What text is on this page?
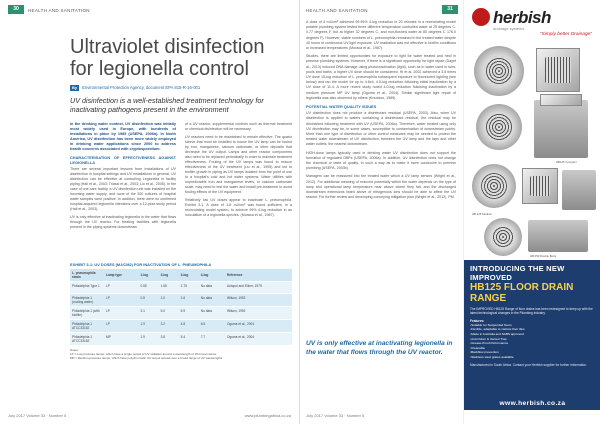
30	HEALTH AND SANITATION
Ultraviolet disinfection for legionella control
By	Environmental Protection Agency, document EPA 815-R-16-001
UV disinfection is a well-established treatment technology for inactivating pathogens present in the environment

In the drinking water context, UV disinfection was initially most widely used in Europe, with hundreds of installations in place by 1985 (USEPA, 2006a). In North America, UV disinfection has been more widely employed in drinking water applications since 2000 to address health concerns associated with cryptosporidium.

CHARACTERISATION OF EFFECTIVENESS AGAINST LEGIONELLA

There are several important lessons from installations of UV disinfection in hospital settings and UV installations in general. UV disinfection can be effective at controlling Legionella in facility piping (Hall et al., 2003; Triassi et al., 2003; Liu et al., 2005). In the case of one care facility, a UV disinfection unit was installed on the incoming water supply, and none of the 300 cultures of hospital water samples were positive. In addition, there were no confirmed hospital-acquired legionella infections over a 12-year study period (Hall et al., 2003).

UV is only effective at inactivating legionella in the water that flows through the UV reactor. For treating facilities with legionella present in the piping systems downstream

of a UV reactor, supplemental controls such as thermal treatment or chemical disinfection will be necessary.

UV reactors need to be maintained to remain effective. The quartz sleeve that must be installed to house the UV lamp can be fouled by iron, manganese, calcium carbonate, or other deposits that decrease the UV output. Lamps and other reactor components also need to be replaced periodically in order to maintain treatment effectiveness. Fouling of the UV lamps was found to reduce effectiveness of the UV treatment (Liu et al., 1995) and led to biofilm growth in piping as UV lamps isolated from the point of use to a hospital's cold and hot water systems. Water utilities with unpredictable iron and manganese levels, or calcium carbonate scale, may need to test the water and install pre-treatment to avoid fouling effects of the UV equipment.

Relatively low UV doses appear to inactivate L. pneumophila. Exhibit 3-1. A dose of 1-6 mJ/cm² was found sufficient, in a recirculating model system, to achieve 99% 4-log reduction in an inoculation of a legionella species. (Muraca et al., 1987).

EXHIBIT 3-1: UV DOSES (MJ/CM2) FOR INACTIVATION OF L. PNEUMOPHILA
L. pneumophila strain	Lamp type	1-log	2-log	3-log	4-log	Reference
Philadelphia Type 1	LP	0.55	1.65	2.75	No data	Antopol and Ellner, 1979
Philadelphia 1 (cooling water)	LP	0.5	1.0	1.6	No data	Wilson, 1992
Philadelphia 1 (with biofilm)	LP	3.1	5.0	6.9	No data	Wilson, 1992
Philadelphia 1 ATCC33152	LP	1.9	3.2	4.8	6.5	Oguma et al., 2004
Philadelphia 1 ATCC33152	MP	1.9	3.8	5.4	7.7	Oguma et al., 2004
Notes:
LP = Low-pressure lamps, which have a single output of UV radiation around a wavelength of 254 nanometres
MP = Medium-pressure lamps, which have polychromatic UV output spread over a broad range of UV wavelengths
July 2017 Volume 33 · Number 5	www.plumbingafrica.co.za
HEALTH AND SANITATION	31

A dose of 4 mJ/cm² achieved 99.95% 4-log reduction in 20 minutes in a recirculating model potable plumbing system tested three different temperature controlled water at 25 degrees C. 0.77 degrees F, but at higher 32 degrees C, and non-flushed water at 80 degrees C 176.0 degrees F). However, viable numbers of L. pneumophila remained in the treated water despite 40 hours of continuous UV light exposure. UV irradiation was not effective in biofilm conditions or increased temperatures (Muraca et al., 1987).

Studies, there are limited opportunities for exposure to light for water treated and held in premise plumbing systems. However, if there is a significant opportunity for light repair (Dayet al., 2013) induced DNA damage using photoreactivation (light), such as in water used in tubs, pools and baths, a higher UV dose should be considered. Hi et al. 2002 achieved a 3.6 times UV dose 10-log reduction of L. pneumophila subsequent exposure to fluorescent lighting (see below) and ran the model for up to 4.6x4, 4.5-log reduction following initial inactivation by a UV dose of 11.4. A more recent study noted 4.0-log reduction following inactivation by a medium pressure MP UV lamp (Oguma et al., 2004). Similar significant light repair of legionella was also observed by others (Knudson, 1985).

POTENTIAL WATER QUALITY ISSUES

UV disinfection does not produce a disinfectant residual (USEPA, 2003). Also, when UV disinfection is applied to waters containing a disinfectant residual, the residual may be diminished following treatment with UV (USEPA, 2006a). Therefore, water treated using only UV disinfection may be, in some cases, susceptible to contamination of downstream points. More than one type of disinfection or other control measures may be needed to protect the treated water downstream of UV disinfection, between the UV lamp and the taps and other water outlets, the nearest downstream.

HIGH-dose lamps typically used in drinking water UV disinfection does not support the formation of regulated DBPs (USEPA, 2006a). In addition, UV disinfection does not change the chemical or taste of quality. In such a way as to make it more conducive to premise plumbing (USEPA, 2003b).

Managers can be reassured into the treated water which a UV lamp senses (Wright et al., 2012). For additional meaning of reduced potentially within the water depends on the type of lamp and operational lamp temperature near above where they fall, and the discharged downstream extensions listed above of nitrogenous ions should be able to affect the UV reactor. For further review and developing conveying mitigation plan (Wright et al., 2012). PM

UV is only effective at inactivating legionella in the water that flows through the UV reactor.
July 2017 Volume 33 · Number 5
herbish
drainage systems
"Simply better Drainage"
HB125 Compact
HB 125 Medium
HB 250 Double Body
INTRODUCING THE NEW IMPROVED
HB125 FLOOR DRAIN RANGE
The IMPROVED HB125 Range of floor drains has been redesigned to keep up with the latest technological changes in the Plumbing industry.
Features:
• Suitable for Suspended floors
• Flexible, adaptable to various floor tiles
• Made in Australia and SABS approved
• Anti-Odour & Vented Trap
• Grease-Proof Performance
• Cleanable
• Backflow prevention
• Stainless steel grates available
Manufactured in South Africa. Contact your Herbish supplier for further information.
www.herbish.co.za
